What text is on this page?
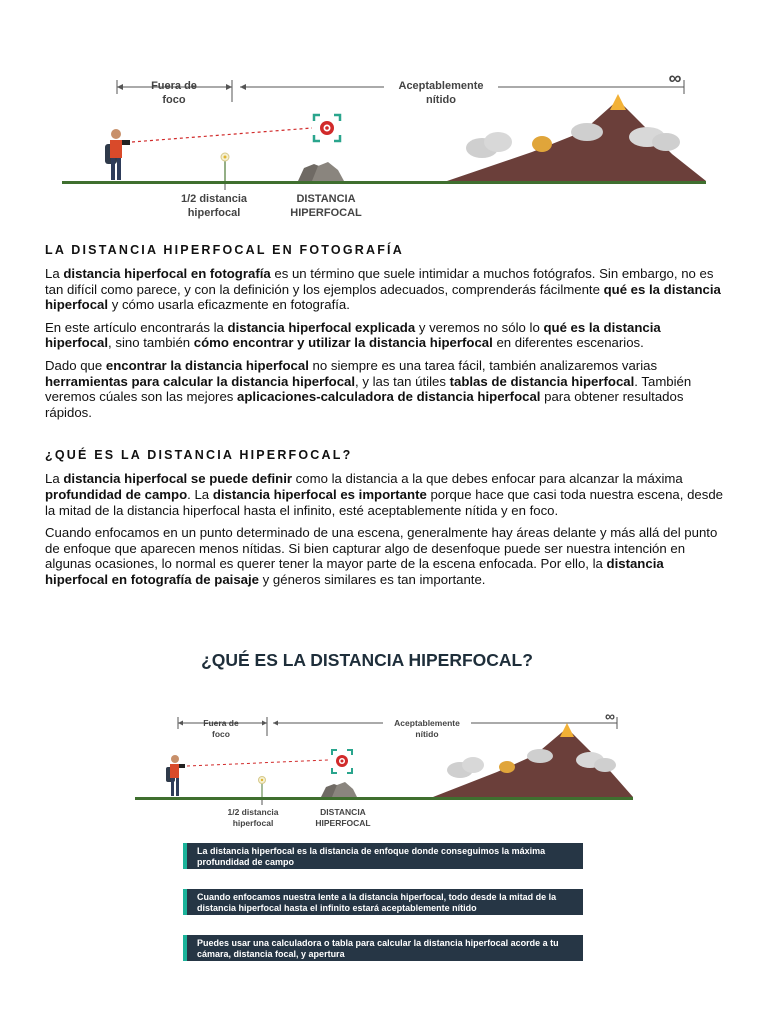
Fuera de
foco
Aceptablemente
nítido
∞
1/2 distancia
hiperfocal
DISTANCIA
HIPERFOCAL
LA DISTANCIA HIPERFOCAL EN FOTOGRAFÍA

La distancia hiperfocal en fotografía es un término que suele intimidar a muchos fotógrafos. Sin embargo, no es tan difícil como parece, y con la definición y los ejemplos adecuados, comprenderás fácilmente qué es la distancia hiperfocal y cómo usarla eficazmente en fotografía.

En este artículo encontrarás la distancia hiperfocal explicada y veremos no sólo lo qué es la distancia hiperfocal, sino también cómo encontrar y utilizar la distancia hiperfocal en diferentes escenarios.

Dado que encontrar la distancia hiperfocal no siempre es una tarea fácil, también analizaremos varias herramientas para calcular la distancia hiperfocal, y las tan útiles tablas de distancia hiperfocal. También veremos cúales son las mejores aplicaciones-calculadora de distancia hiperfocal para obtener resultados rápidos.

¿QUÉ ES LA DISTANCIA HIPERFOCAL?

La distancia hiperfocal se puede definir como la distancia a la que debes enfocar para alcanzar la máxima profundidad de campo. La distancia hiperfocal es importante porque hace que casi toda nuestra escena, desde la mitad de la distancia hiperfocal hasta el infinito, esté aceptablemente nítida y en foco.

Cuando enfocamos en un punto determinado de una escena, generalmente hay áreas delante y más allá del punto de enfoque que aparecen menos nítidas. Si bien capturar algo de desenfoque puede ser nuestra intención en algunas ocasiones, lo normal es querer tener la mayor parte de la escena enfocada. Por ello, la distancia hiperfocal en fotografía de paisaje y géneros similares es tan importante.

¿QUÉ ES LA DISTANCIA HIPERFOCAL?
Fuera de
foco
Aceptablemente
nítido
∞
1/2 distancia
hiperfocal
DISTANCIA
HIPERFOCAL
La distancia hiperfocal es la distancia de enfoque donde conseguimos la máxima profundidad de campo
Cuando enfocamos nuestra lente a la distancia hiperfocal, todo desde la mitad de la distancia hiperfocal hasta el infinito estará aceptablemente nítido
Puedes usar una calculadora o tabla para calcular la distancia hiperfocal acorde a tu cámara, distancia focal, y apertura
